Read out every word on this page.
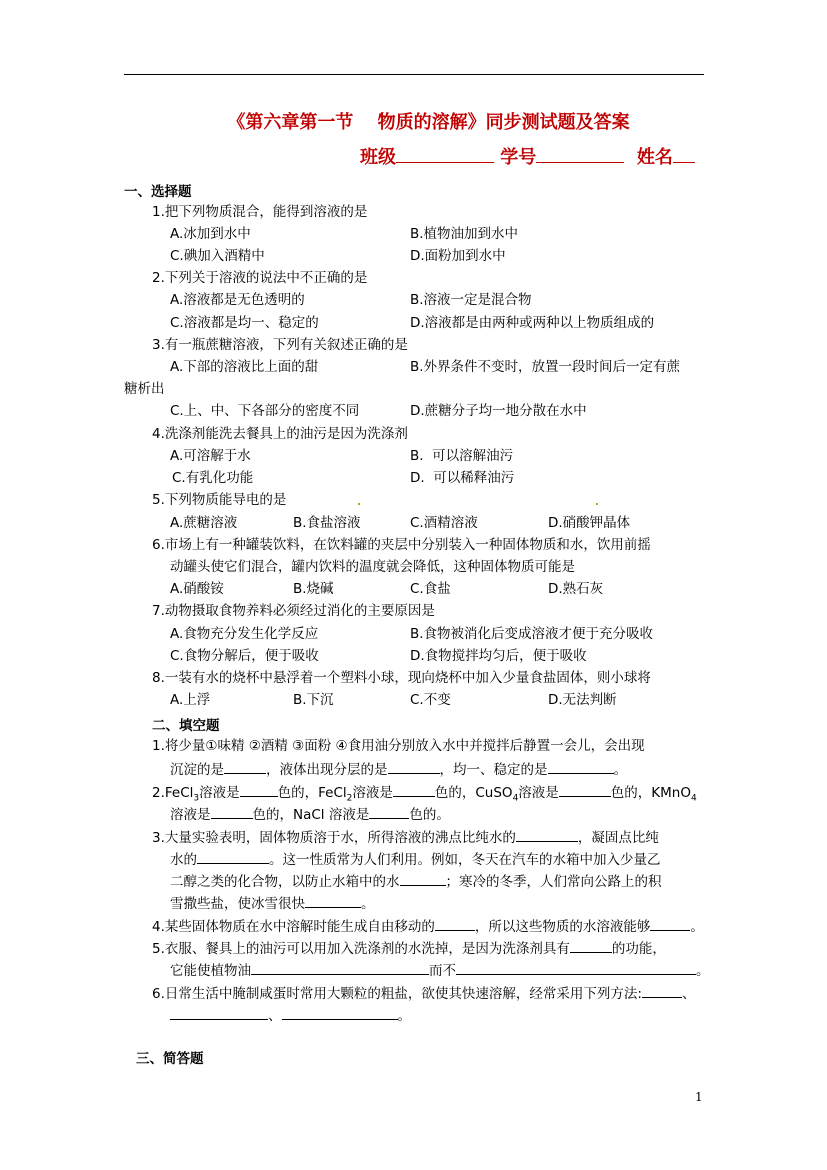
《第六章第一节　 物质的溶解》同步测试题及答案
班级	学号	姓名
一、选择题
1.把下列物质混合，能得到溶液的是
A.冰加到水中	B.植物油加到水中
C.碘加入酒精中	D.面粉加到水中
2.下列关于溶液的说法中不正确的是
A.溶液都是无色透明的	B.溶液一定是混合物
C.溶液都是均一、稳定的	D.溶液都是由两种或两种以上物质组成的
3.有一瓶蔗糖溶液，下列有关叙述正确的是
A.下部的溶液比上面的甜	B.外界条件不变时，放置一段时间后一定有蔗
糖析出
C.上、中、下各部分的密度不同	D.蔗糖分子均一地分散在水中
4.洗涤剂能洗去餐具上的油污是因为洗涤剂
A.可溶解于水	B.  可以溶解油污
C.有乳化功能	D.  可以稀释油污
5.下列物质能导电的是
A.蔗糖溶液	B.食盐溶液	C.酒精溶液	D.硝酸钾晶体
6.市场上有一种罐装饮料，在饮料罐的夹层中分别装入一种固体物质和水，饮用前摇
动罐头使它们混合，罐内饮料的温度就会降低，这种固体物质可能是
A.硝酸铵	B.烧碱	C.食盐	D.熟石灰
7.动物摄取食物养料必须经过消化的主要原因是
A.食物充分发生化学反应	B.食物被消化后变成溶液才便于充分吸收
C.食物分解后，便于吸收	D.食物搅拌均匀后，便于吸收
8.一装有水的烧杯中悬浮着一个塑料小球，现向烧杯中加入少量食盐固体，则小球将
A.上浮	B.下沉	C.不变	D.无法判断
二、填空题
1.将少量①味精 ②酒精 ③面粉 ④食用油分别放入水中并搅拌后静置一会儿，会出现
沉淀的是	，液体出现分层的是	，均一、稳定的是	。
2.FeCl$_3$溶液是	色的，FeCl$_2$溶液是	色的，CuSO$_4$溶液是	色的，KMnO$_4$
溶液是	色的，NaCl 溶液是	色的。
3.大量实验表明，固体物质溶于水，所得溶液的沸点比纯水的	，凝固点比纯
水的	。这一性质常为人们利用。例如，冬天在汽车的水箱中加入少量乙
二醇之类的化合物，以防止水箱中的水	；寒冷的冬季，人们常向公路上的积
雪撒些盐，使冰雪很快	。
4.某些固体物质在水中溶解时能生成自由移动的	，所以这些物质的水溶液能够	。
5.衣服、餐具上的油污可以用加入洗涤剂的水洗掉，是因为洗涤剂具有	的功能，
它能使植物油	而不	。
6.日常生活中腌制咸蛋时常用大颗粒的粗盐，欲使其快速溶解，经常采用下列方法:	、
、	。
三、简答题
1
